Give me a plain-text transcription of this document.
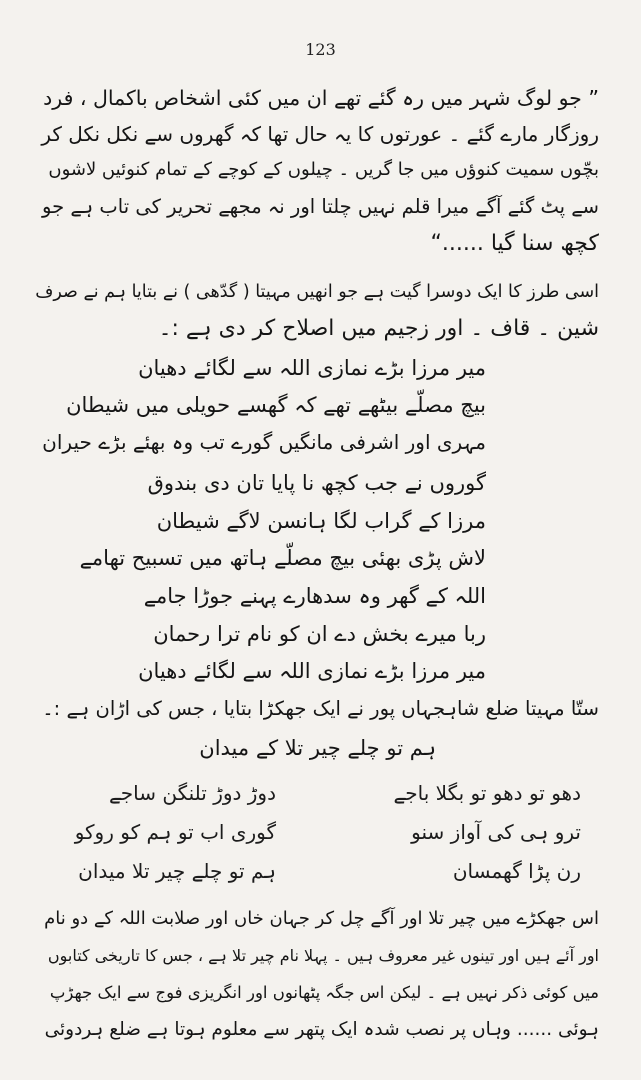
123
” جو لوگ شہر میں رہ گئے تھے ان میں کئی اشخاص باکمال ، فرد
روزگار مارے گئے ۔ عورتوں کا یہ حال تھا کہ گھروں سے نکل نکل کر
بچّوں سمیت کنوؤں میں جا گریں ۔ چیلوں کے کوچے کے تمام کنوئیں لاشوں
سے پٹ گئے آگے میرا قلم نہیں چلتا اور نہ مجھے تحریر کی تاب ہے جو
کچھ سنا گیا ......“
اسی طرز کا ایک دوسرا گیت ہے جو انھیں مہیتا ( گدّھی ) نے بتایا ہم نے صرف
شین ۔ قاف ۔ اور زجیم میں اصلاح کر دی ہے :۔
میر مرزا بڑے نمازی اللہ سے لگائے دھیان
بیچ مصلّے بیٹھے تھے کہ گھسے حویلی میں شیطان
مہری اور اشرفی مانگیں گورے تب وہ بھئے بڑے حیران
گوروں نے جب کچھ نا پایا تان دی بندوق
مرزا کے گراب لگا ہانسن لاگے شیطان
لاش پڑی بھئی بیچ مصلّے ہاتھ میں تسبیح تھامے
اللہ کے گھر وہ سدھارے پہنے جوڑا جامے
ربا میرے بخش دے ان کو نام ترا رحمان
میر مرزا بڑے نمازی اللہ سے لگائے دھیان
ستّا مہیتا ضلع شاہجہاں پور نے ایک جھکڑا بتایا ، جس کی اڑان ہے :۔
ہم تو چلے چیر تلا کے میدان
دھو تو دھو تو بگلا باجے
دوڑ دوڑ تلنگن ساجے
ترو ہی کی آواز سنو
گوری اب تو ہم کو روکو
رن پڑا گھمسان
ہم تو چلے چیر تلا میدان
اس جھکڑے میں چیر تلا اور آگے چل کر جہان خاں اور صلابت اللہ کے دو نام
اور آئے ہیں اور تینوں غیر معروف ہیں ۔ پہلا نام چیر تلا ہے ، جس کا تاریخی کتابوں
میں کوئی ذکر نہیں ہے ۔ لیکن اس جگہ پٹھانوں اور انگریزی فوج سے ایک جھڑپ
ہوئی ...... وہاں پر نصب شدہ ایک پتھر سے معلوم ہوتا ہے ضلع ہردوئی
